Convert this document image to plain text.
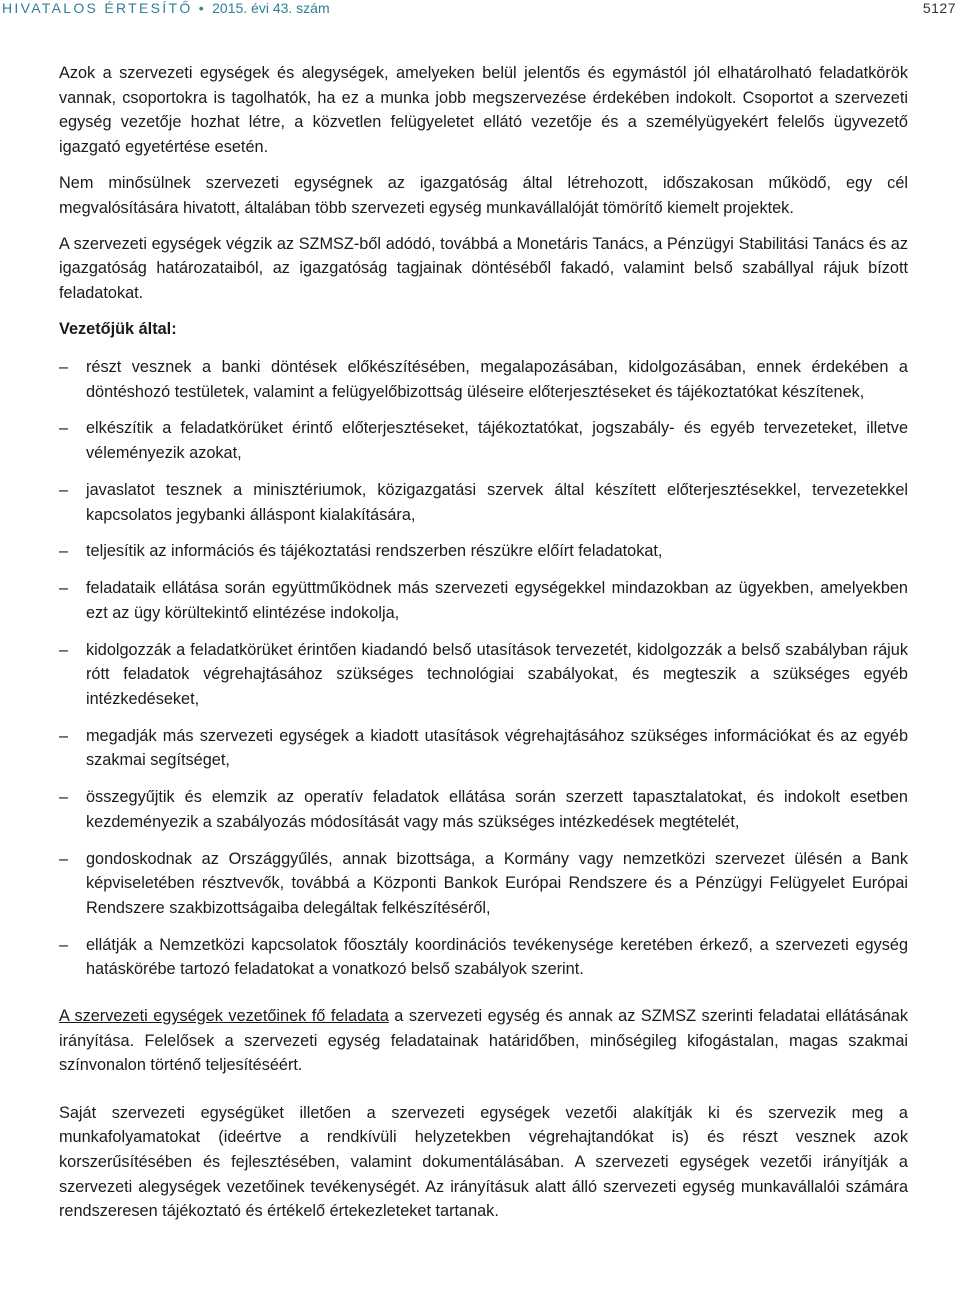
HIVATALOS ÉRTESÍTŐ • 2015. évi 43. szám	5127

Azok a szervezeti egységek és alegységek, amelyeken belül jelentős és egymástól jól elhatárolható feladatkörök vannak, csoportokra is tagolhatók, ha ez a munka jobb megszervezése érdekében indokolt. Csoportot a szervezeti egység vezetője hozhat létre, a közvetlen felügyeletet ellátó vezetője és a személyügyekért felelős ügyvezető igazgató egyetértése esetén.

Nem minősülnek szervezeti egységnek az igazgatóság által létrehozott, időszakosan működő, egy cél megvalósítására hivatott, általában több szervezeti egység munkavállalóját tömörítő kiemelt projektek.

A szervezeti egységek végzik az SZMSZ-ből adódó, továbbá a Monetáris Tanács, a Pénzügyi Stabilitási Tanács és az igazgatóság határozataiból, az igazgatóság tagjainak döntéséből fakadó, valamint belső szabállyal rájuk bízott feladatokat.

Vezetőjük által:

‒ részt vesznek a banki döntések előkészítésében, megalapozásában, kidolgozásában, ennek érdekében a döntéshozó testületek, valamint a felügyelőbizottság üléseire előterjesztéseket és tájékoztatókat készítenek,
‒ elkészítik a feladatkörüket érintő előterjesztéseket, tájékoztatókat, jogszabály- és egyéb tervezeteket, illetve véleményezik azokat,
‒ javaslatot tesznek a minisztériumok, közigazgatási szervek által készített előterjesztésekkel, tervezetekkel kapcsolatos jegybanki álláspont kialakítására,
‒ teljesítik az információs és tájékoztatási rendszerben részükre előírt feladatokat,
‒ feladataik ellátása során együttműködnek más szervezeti egységekkel mindazokban az ügyekben, amelyekben ezt az ügy körültekintő elintézése indokolja,
‒ kidolgozzák a feladatkörüket érintően kiadandó belső utasítások tervezetét, kidolgozzák a belső szabályban rájuk rótt feladatok végrehajtásához szükséges technológiai szabályokat, és megteszik a szükséges egyéb intézkedéseket,
‒ megadják más szervezeti egységek a kiadott utasítások végrehajtásához szükséges információkat és az egyéb szakmai segítséget,
‒ összegyűjtik és elemzik az operatív feladatok ellátása során szerzett tapasztalatokat, és indokolt esetben kezdeményezik a szabályozás módosítását vagy más szükséges intézkedések megtételét,
‒ gondoskodnak az Országgyűlés, annak bizottsága, a Kormány vagy nemzetközi szervezet ülésén a Bank képviseletében résztvevők, továbbá a Központi Bankok Európai Rendszere és a Pénzügyi Felügyelet Európai Rendszere szakbizottságaiba delegáltak felkészítéséről,
‒ ellátják a Nemzetközi kapcsolatok főosztály koordinációs tevékenysége keretében érkező, a szervezeti egység hatáskörébe tartozó feladatokat a vonatkozó belső szabályok szerint.

A szervezeti egységek vezetőinek fő feladata a szervezeti egység és annak az SZMSZ szerinti feladatai ellátásának irányítása. Felelősek a szervezeti egység feladatainak határidőben, minőségileg kifogástalan, magas szakmai színvonalon történő teljesítéséért.

Saját szervezeti egységüket illetően a szervezeti egységek vezetői alakítják ki és szervezik meg a munkafolyamatokat (ideértve a rendkívüli helyzetekben végrehajtandókat is) és részt vesznek azok korszerűsítésében és fejlesztésében, valamint dokumentálásában. A szervezeti egységek vezetői irányítják a szervezeti alegységek vezetőinek tevékenységét. Az irányításuk alatt álló szervezeti egység munkavállalói számára rendszeresen tájékoztató és értékelő értekezleteket tartanak.
